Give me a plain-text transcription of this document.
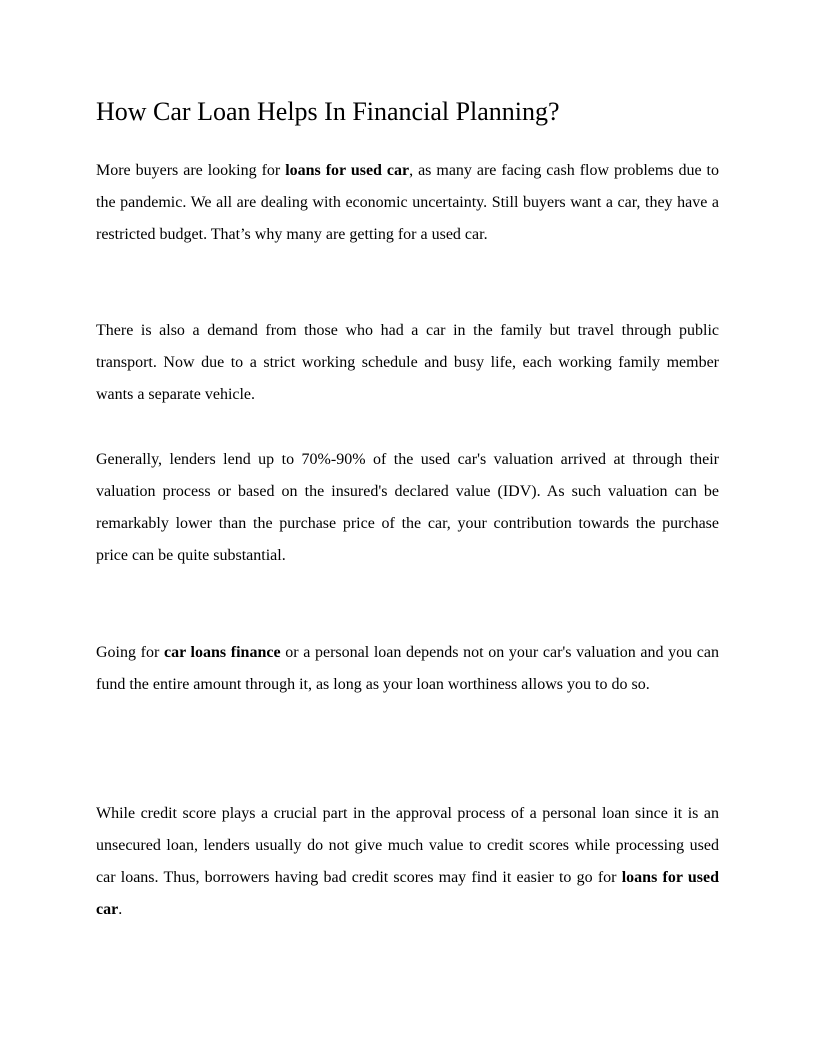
How Car Loan Helps In Financial Planning?

More buyers are looking for loans for used car, as many are facing cash flow problems due to the pandemic. We all are dealing with economic uncertainty. Still buyers want a car, they have a restricted budget. That’s why many are getting for a used car.

There is also a demand from those who had a car in the family but travel through public transport. Now due to a strict working schedule and busy life, each working family member wants a separate vehicle.

Generally, lenders lend up to 70%-90% of the used car's valuation arrived at through their valuation process or based on the insured's declared value (IDV). As such valuation can be remarkably lower than the purchase price of the car, your contribution towards the purchase price can be quite substantial.

Going for car loans finance or a personal loan depends not on your car's valuation and you can fund the entire amount through it, as long as your loan worthiness allows you to do so.

While credit score plays a crucial part in the approval process of a personal loan since it is an unsecured loan, lenders usually do not give much value to credit scores while processing used car loans. Thus, borrowers having bad credit scores may find it easier to go for loans for used car.
